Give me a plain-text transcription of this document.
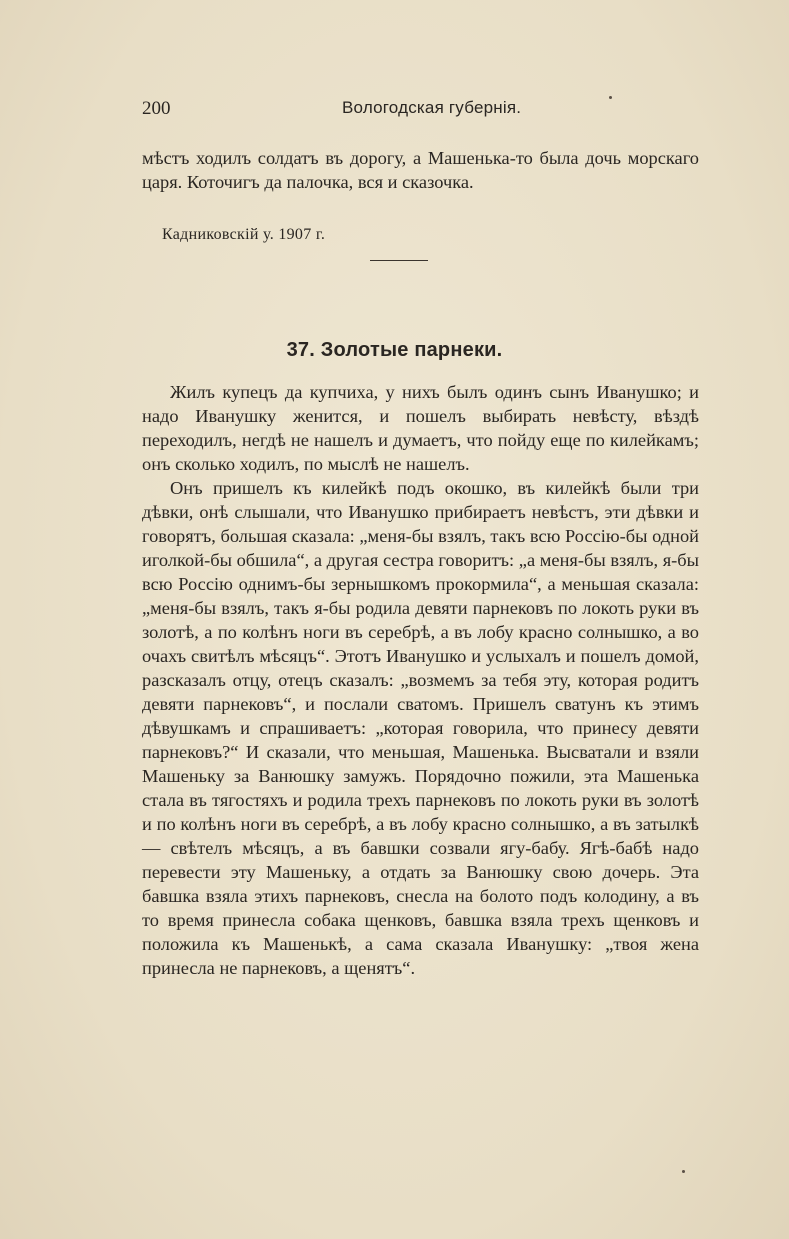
200	Вологодская губернія.

мѣстъ ходилъ солдатъ въ дорогу, а Машенька-то была дочь морскаго царя. Коточигъ да палочка, вся и сказочка.

Кадниковскій у. 1907 г.
37. Золотые парнеки.

Жилъ купецъ да купчиха, у нихъ былъ одинъ сынъ Иванушко; и надо Иванушку женится, и пошелъ выбирать невѣсту, вѣздѣ переходилъ, негдѣ не нашелъ и думаетъ, что пойду еще по килейкамъ; онъ сколько ходилъ, по мыслѣ не нашелъ.

Онъ пришелъ къ килейкѣ подъ окошко, въ килейкѣ были три дѣвки, онѣ слышали, что Иванушко прибираетъ невѣстъ, эти дѣвки и говорятъ, большая сказала: „меня-бы взялъ, такъ всю Россію-бы одной иголкой-бы обшила“, а другая сестра говоритъ: „а меня-бы взялъ, я-бы всю Россію однимъ-бы зернышкомъ прокормила“, а меньшая сказала: „меня-бы взялъ, такъ я-бы родила девяти парнековъ по локоть руки въ золотѣ, а по колѣнъ ноги въ серебрѣ, а въ лобу красно солнышко, а во очахъ свитѣлъ мѣсяцъ“. Этотъ Иванушко и услыхалъ и пошелъ домой, разсказалъ отцу, отецъ сказалъ: „возмемъ за тебя эту, которая родитъ девяти парнековъ“, и послали сватомъ. Пришелъ сватунъ къ этимъ дѣвушкамъ и спрашиваетъ: „которая говорила, что принесу девяти парнековъ?“ И сказали, что меньшая, Машенька. Высватали и взяли Машеньку за Ванюшку замужъ. Порядочно пожили, эта Машенька стала въ тягостяхъ и родила трехъ парнековъ по локоть руки въ золотѣ и по колѣнъ ноги въ серебрѣ, а въ лобу красно солнышко, а въ затылкѣ — свѣтелъ мѣсяцъ, а въ бавшки созвали ягу-бабу. Ягѣ-бабѣ надо перевести эту Машеньку, а отдать за Ванюшку свою дочерь. Эта бавшка взяла этихъ парнековъ, снесла на болото подъ колодину, а въ то время принесла собака щенковъ, бавшка взяла трехъ щенковъ и положила къ Машенькѣ, а сама сказала Иванушку: „твоя жена принесла не парнековъ, а щенятъ“.
